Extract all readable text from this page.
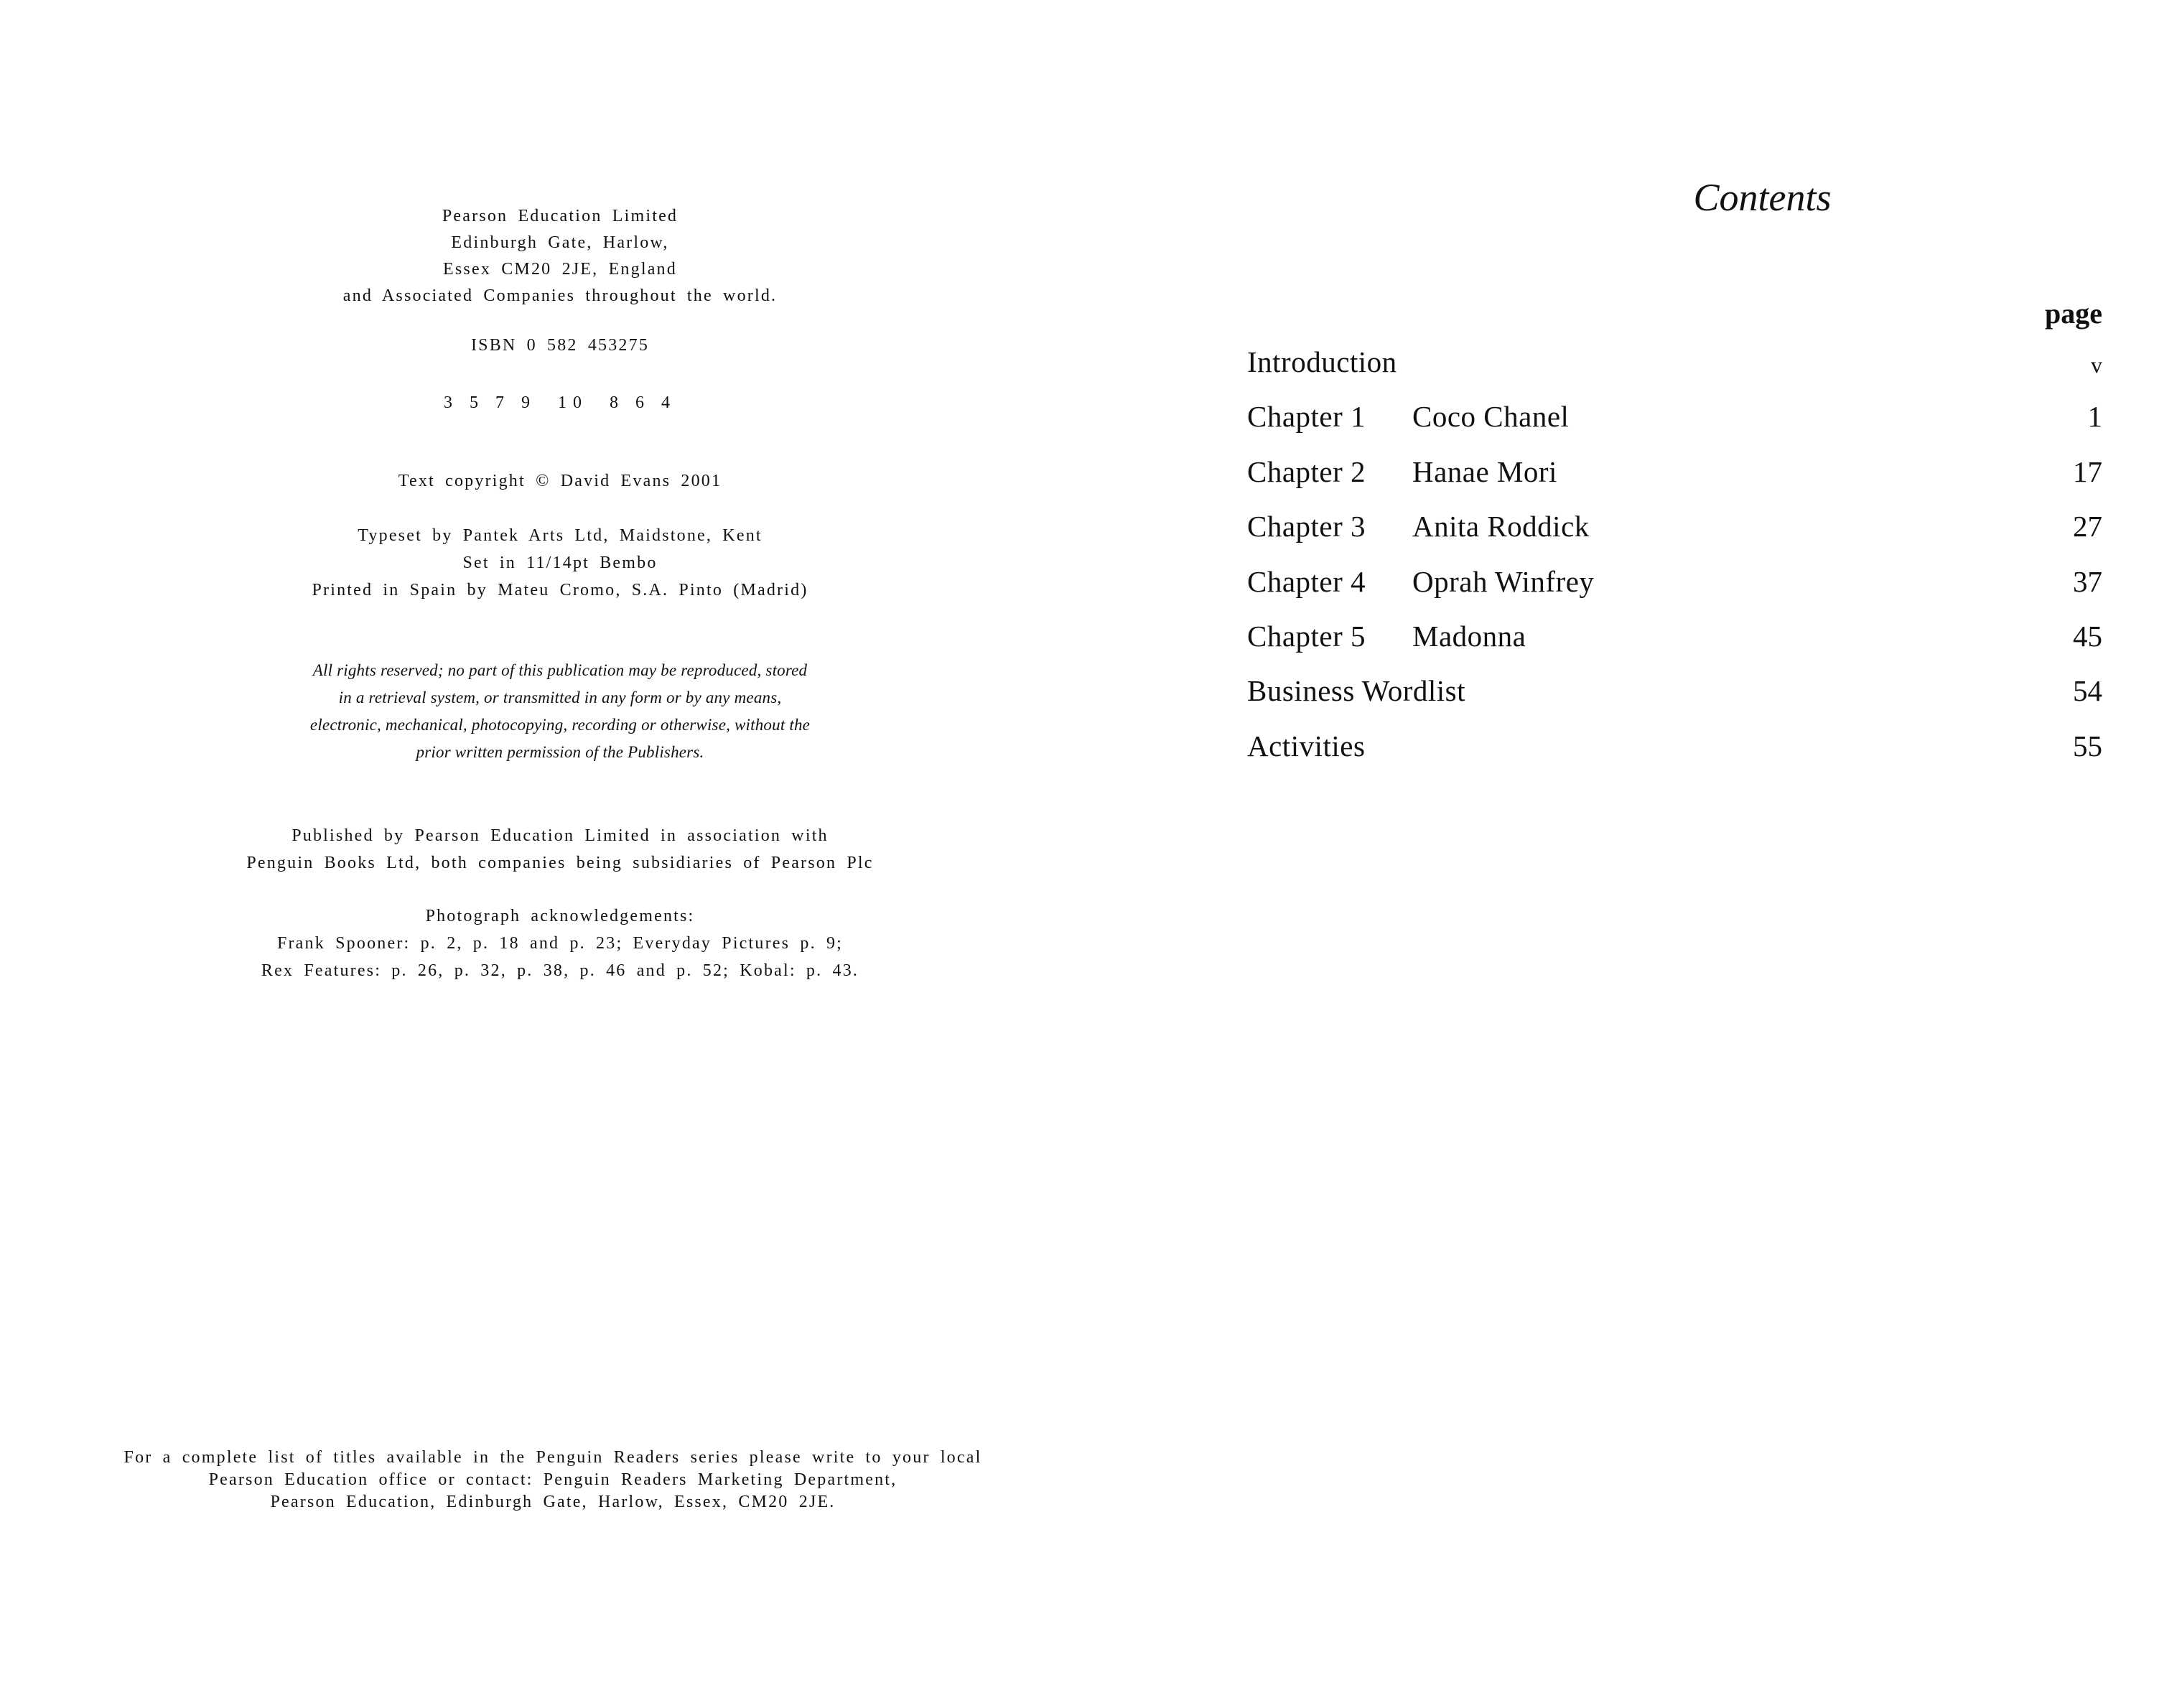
Pearson Education Limited
Edinburgh Gate, Harlow,
Essex CM20 2JE, England
and Associated Companies throughout the world.
ISBN 0 582 453275
3 5 7 9  10  8 6 4
Text copyright © David Evans 2001
Typeset by Pantek Arts Ltd, Maidstone, Kent
Set in 11/14pt Bembo
Printed in Spain by Mateu Cromo, S.A. Pinto (Madrid)
All rights reserved; no part of this publication may be reproduced, stored
in a retrieval system, or transmitted in any form or by any means,
electronic, mechanical, photocopying, recording or otherwise, without the
prior written permission of the Publishers.
Published by Pearson Education Limited in association with
Penguin Books Ltd, both companies being subsidiaries of Pearson Plc
Photograph acknowledgements:
Frank Spooner: p. 2, p. 18 and p. 23; Everyday Pictures p. 9;
Rex Features: p. 26, p. 32, p. 38, p. 46 and p. 52; Kobal: p. 43.
For a complete list of titles available in the Penguin Readers series please write to your local
Pearson Education office or contact: Penguin Readers Marketing Department,
Pearson Education, Edinburgh Gate, Harlow, Essex, CM20 2JE.
Contents
page
Introduction	v
Chapter 1 Coco Chanel	1
Chapter 2 Hanae Mori	17
Chapter 3 Anita Roddick	27
Chapter 4 Oprah Winfrey	37
Chapter 5 Madonna	45
Business Wordlist	54
Activities	55
